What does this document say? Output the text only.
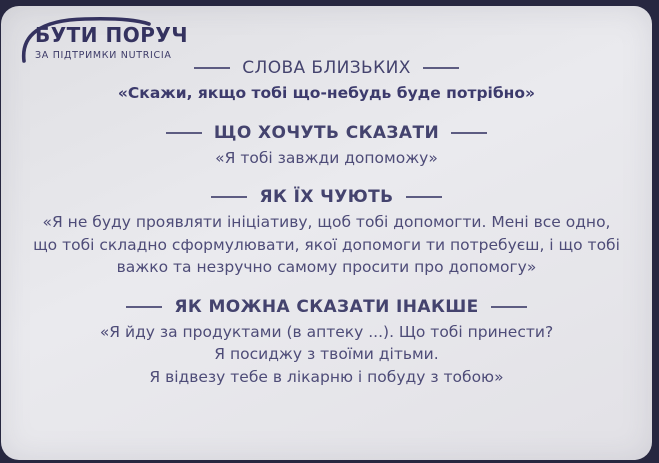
БУТИ ПОРУЧ
ЗА ПІДТРИМКИ NUTRICIA
СЛОВА БЛИЗЬКИХ
«Скажи, якщо тобі що-небудь буде потрібно»
ЩО ХОЧУТЬ СКАЗАТИ
«Я тобі завжди допоможу»
ЯК ЇХ ЧУЮТЬ
«Я не буду проявляти ініціативу, щоб тобі допомогти. Мені все одно,
що тобі складно сформулювати, якої допомоги ти потребуєш, і що тобі
важко та незручно самому просити про допомогу»
ЯК МОЖНА СКАЗАТИ ІНАКШЕ
«Я йду за продуктами (в аптеку ...). Що тобі принести?
Я посиджу з твоїми дітьми.
Я відвезу тебе в лікарню і побуду з тобою»
